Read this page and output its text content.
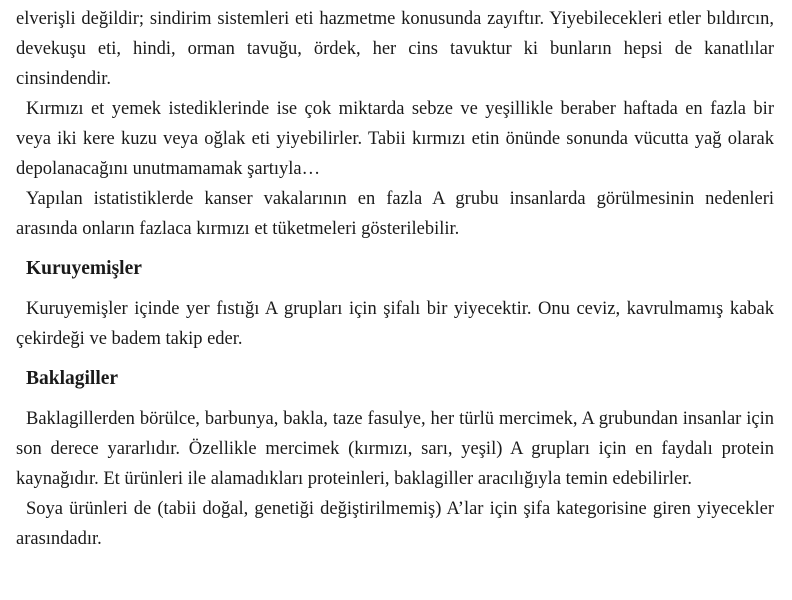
elverişli değildir; sindirim sistemleri eti hazmetme konusunda zayıftır. Yiyebilecekleri etler bıldırcın, devekuşu eti, hindi, orman tavuğu, ördek, her cins tavuktur ki bunların hepsi de kanatlılar cinsindendir.

Kırmızı et yemek istediklerinde ise çok miktarda sebze ve yeşillikle beraber haftada en fazla bir veya iki kere kuzu veya oğlak eti yiyebilirler. Tabii kırmızı etin önünde sonunda vücutta yağ olarak depolanacağını unutmamamak şartıyla…

Yapılan istatistiklerde kanser vakalarının en fazla A grubu insanlarda görülmesinin nedenleri arasında onların fazlaca kırmızı et tüketmeleri gösterilebilir.

Kuruyemişler

Kuruyemişler içinde yer fıstığı A grupları için şifalı bir yiyecektir. Onu ceviz, kavrulmamış kabak çekirdeği ve badem takip eder.

Baklagiller

Baklagillerden börülce, barbunya, bakla, taze fasulye, her türlü mercimek, A grubundan insanlar için son derece yararlıdır. Özellikle mercimek (kırmızı, sarı, yeşil) A grupları için en faydalı protein kaynağıdır. Et ürünleri ile alamadıkları proteinleri, baklagiller aracılığıyla temin edebilirler.

Soya ürünleri de (tabii doğal, genetiği değiştirilmemiş) A’lar için şifa kategorisine giren yiyecekler arasındadır.
